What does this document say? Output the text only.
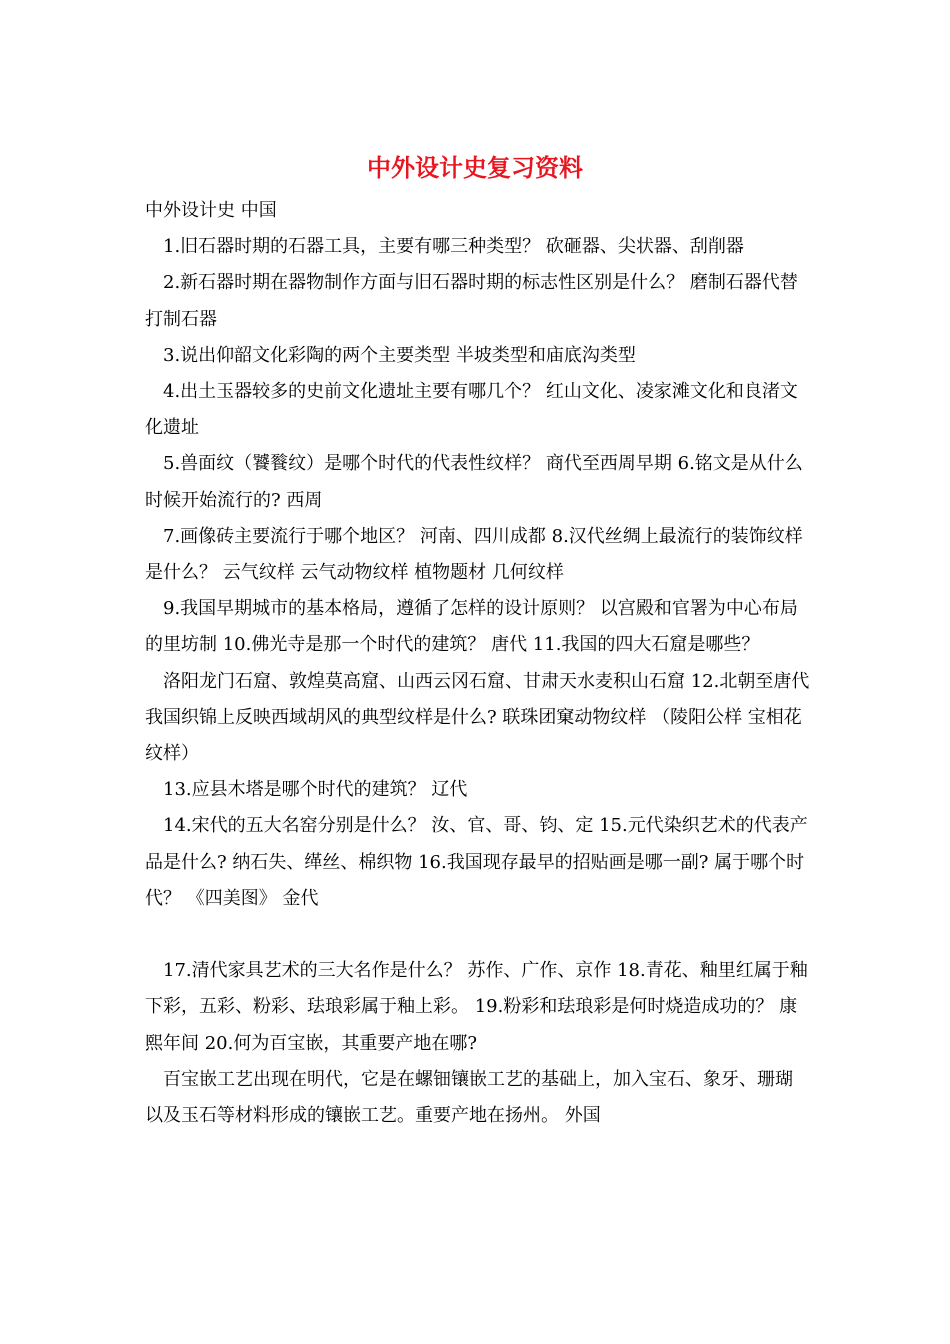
中外设计史复习资料

中外设计史 中国

1.旧石器时期的石器工具，主要有哪三种类型？ 砍砸器、尖状器、刮削器

2.新石器时期在器物制作方面与旧石器时期的标志性区别是什么？ 磨制石器代替打制石器

3.说出仰韶文化彩陶的两个主要类型 半坡类型和庙底沟类型

4.出土玉器较多的史前文化遗址主要有哪几个？ 红山文化、凌家滩文化和良渚文化遗址

5.兽面纹（饕餮纹）是哪个时代的代表性纹样？ 商代至西周早期 6.铭文是从什么时候开始流行的? 西周

7.画像砖主要流行于哪个地区？ 河南、四川成都 8.汉代丝绸上最流行的装饰纹样是什么？ 云气纹样 云气动物纹样 植物题材 几何纹样

9.我国早期城市的基本格局，遵循了怎样的设计原则？ 以宫殿和官署为中心布局的里坊制 10.佛光寺是那一个时代的建筑？ 唐代 11.我国的四大石窟是哪些？

洛阳龙门石窟、敦煌莫高窟、山西云冈石窟、甘肃天水麦积山石窟 12.北朝至唐代我国织锦上反映西域胡风的典型纹样是什么? 联珠团窠动物纹样 （陵阳公样 宝相花纹样）

13.应县木塔是哪个时代的建筑？ 辽代

14.宋代的五大名窑分别是什么？ 汝、官、哥、钧、定 15.元代染织艺术的代表产品是什么? 纳石失、缂丝、棉织物 16.我国现存最早的招贴画是哪一副? 属于哪个时代？ 《四美图》 金代

17.清代家具艺术的三大名作是什么？ 苏作、广作、京作 18.青花、釉里红属于釉下彩，五彩、粉彩、珐琅彩属于釉上彩。 19.粉彩和珐琅彩是何时烧造成功的？ 康熙年间 20.何为百宝嵌，其重要产地在哪?

百宝嵌工艺出现在明代，它是在螺钿镶嵌工艺的基础上，加入宝石、象牙、珊瑚以及玉石等材料形成的镶嵌工艺。重要产地在扬州。 外国
